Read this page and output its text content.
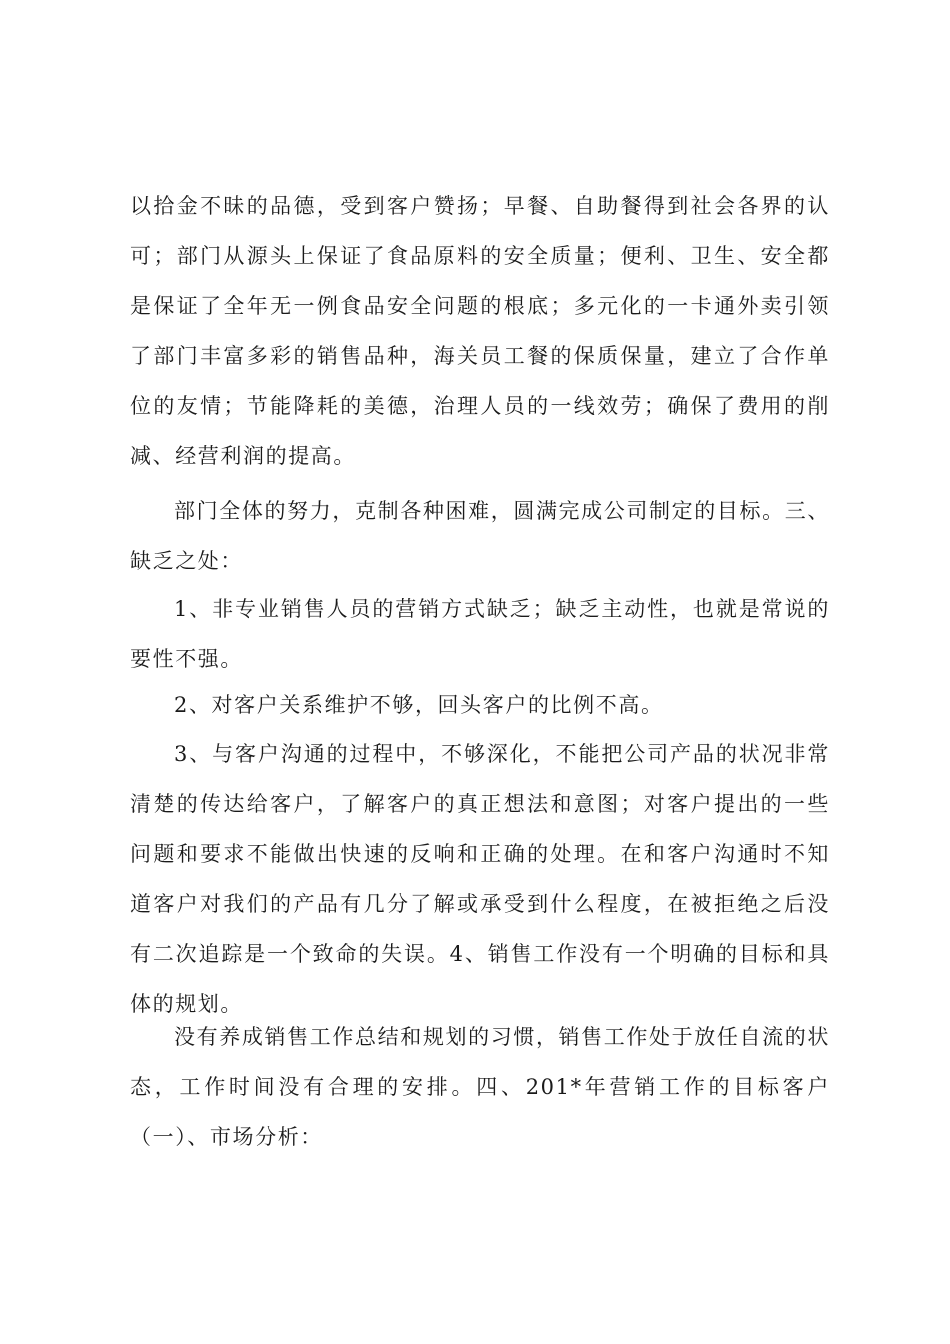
以拾金不昧的品德，受到客户赞扬；早餐、自助餐得到社会各界的认可；部门从源头上保证了食品原料的安全质量；便利、卫生、安全都是保证了全年无一例食品安全问题的根底；多元化的一卡通外卖引领了部门丰富多彩的销售品种，海关员工餐的保质保量，建立了合作单位的友情；节能降耗的美德，治理人员的一线效劳；确保了费用的削减、经营利润的提高。

部门全体的努力，克制各种困难，圆满完成公司制定的目标。三、缺乏之处：

1、非专业销售人员的营销方式缺乏；缺乏主动性，也就是常说的要性不强。

2、对客户关系维护不够，回头客户的比例不高。

3、与客户沟通的过程中，不够深化，不能把公司产品的状况非常清楚的传达给客户，了解客户的真正想法和意图；对客户提出的一些问题和要求不能做出快速的反响和正确的处理。在和客户沟通时不知道客户对我们的产品有几分了解或承受到什么程度，在被拒绝之后没有二次追踪是一个致命的失误。4、销售工作没有一个明确的目标和具体的规划。

没有养成销售工作总结和规划的习惯，销售工作处于放任自流的状态，工作时间没有合理的安排。四、201*年营销工作的目标客户（一）、市场分析：
